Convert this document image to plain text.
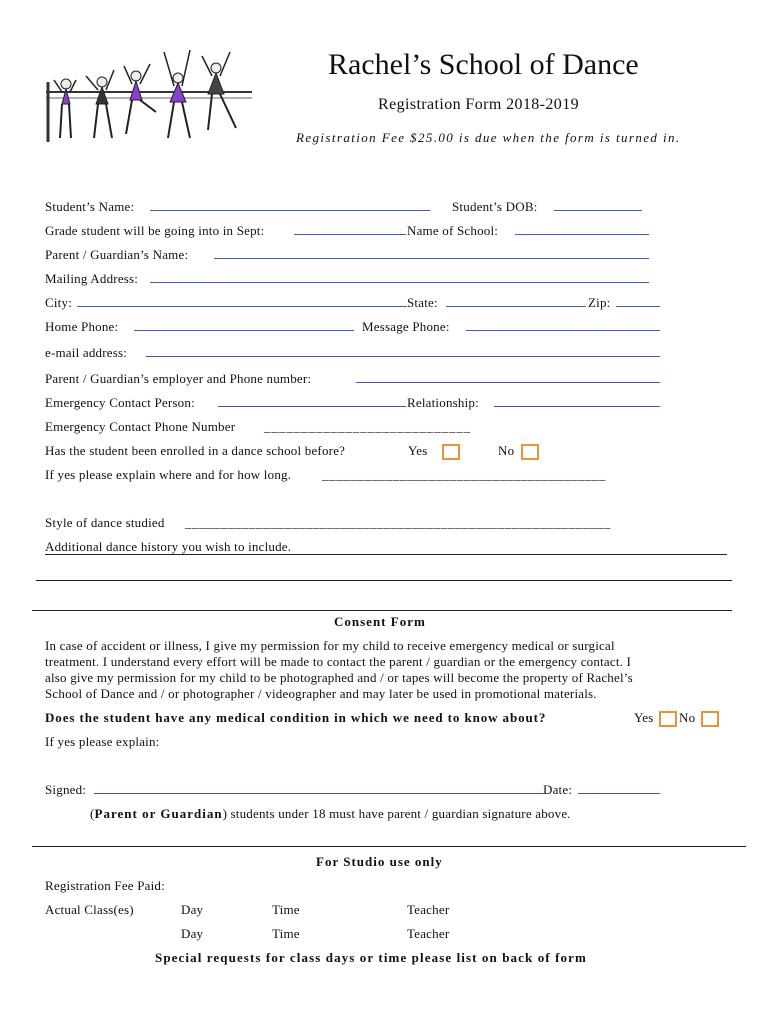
Rachel’s School of Dance
Registration Form 2018-2019
Registration Fee $25.00 is due when the form is turned in.
Student’s Name:	Student’s DOB:
Grade student will be going into in Sept:	Name of School:
Parent / Guardian’s Name:
Mailing Address:
City:	State:	Zip:
Home Phone:	Message Phone:
e-mail address:
Parent / Guardian’s employer and Phone number:
Emergency Contact Person:	Relationship:
Emergency Contact Phone Number ____________________________
Has the student been enrolled in a dance school before?	Yes	No
If yes please explain where and for how long. ________________________________________
Style of dance studied ____________________________________________________________
Additional dance history you wish to include.
Consent Form
In case of accident or illness, I give my permission for my child to receive emergency medical or surgical
treatment. I understand every effort will be made to contact the parent / guardian or the emergency contact. I
also give my permission for my child to be photographed and / or tapes will become the property of Rachel’s
School of Dance and / or photographer / videographer and may later be used in promotional materials.
Does the student have any medical condition in which we need to know about?	Yes No
If yes please explain:
Signed:	Date:
(Parent or Guardian) students under 18 must have parent / guardian signature above.
For Studio use only
Registration Fee Paid:
Actual Class(es)	Day	Time	Teacher
Day	Time	Teacher
Special requests for class days or time please list on back of form
